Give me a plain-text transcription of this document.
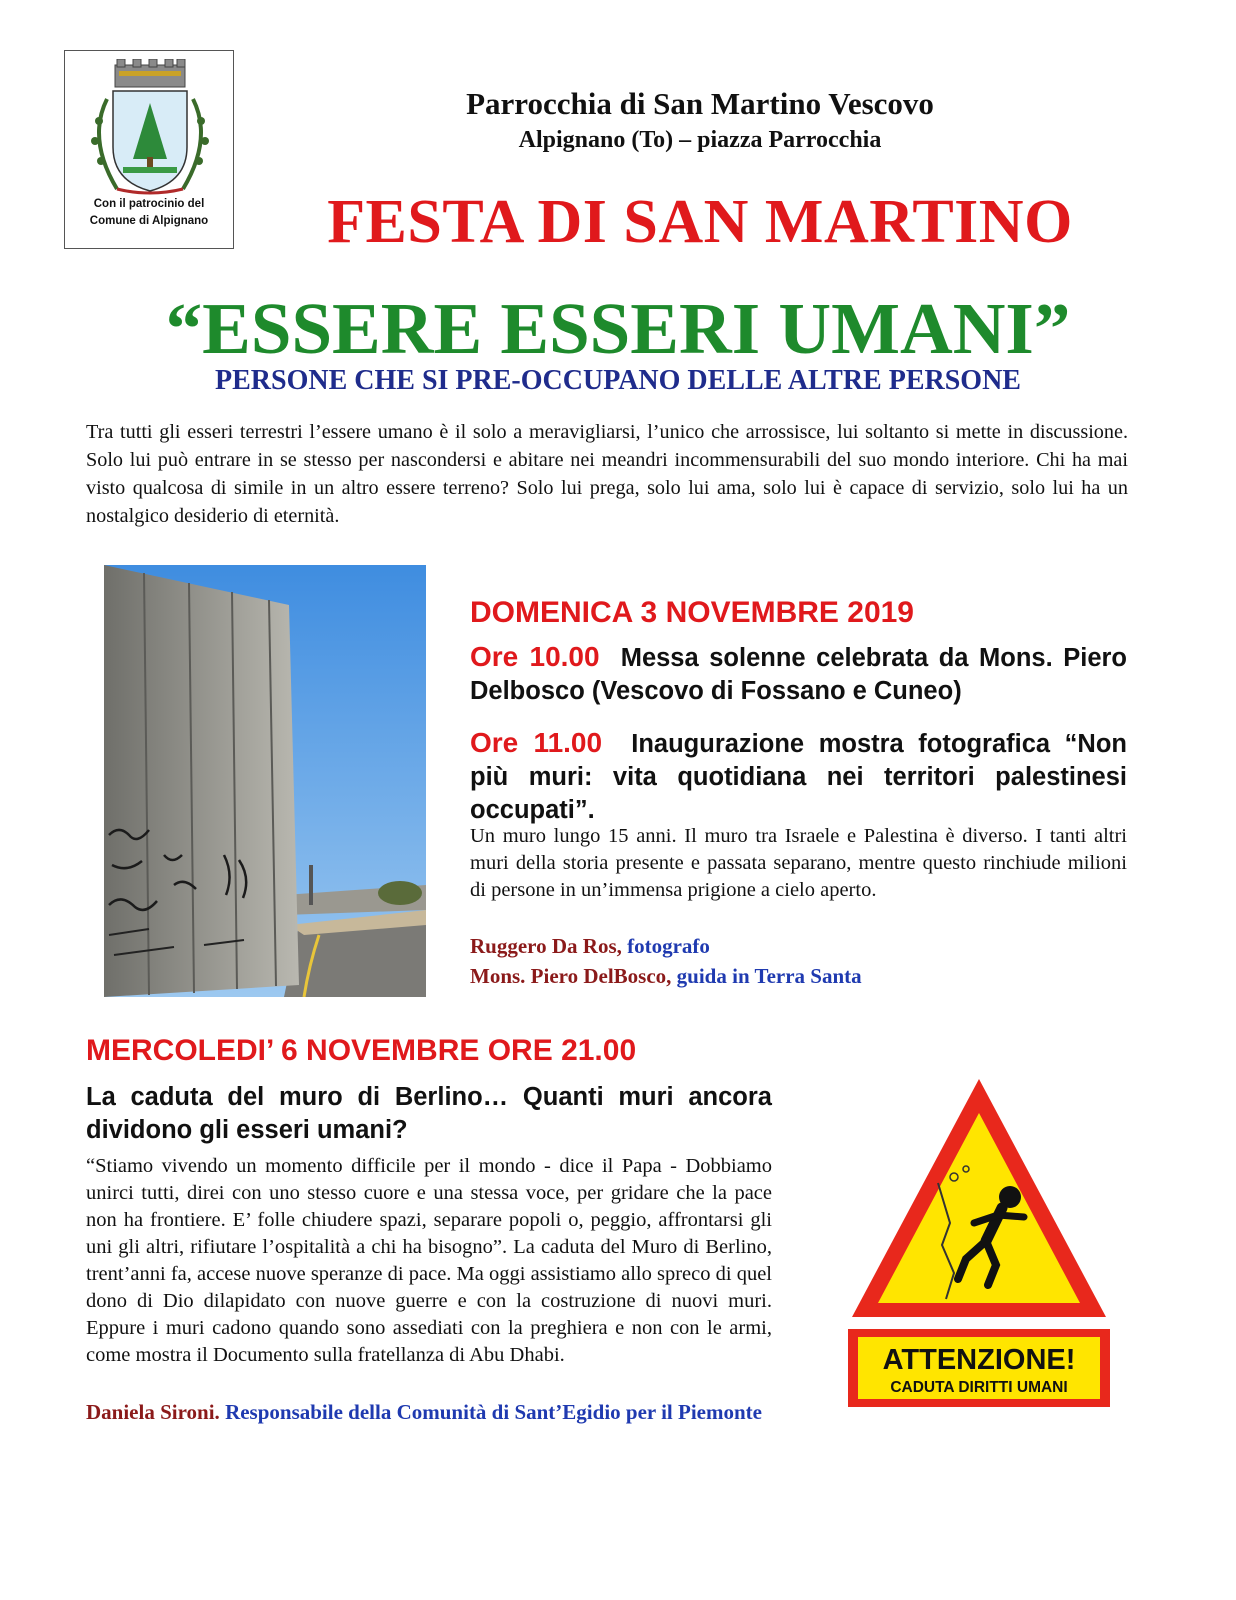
Con il patrocinio del
Comune di Alpignano
Parrocchia di San Martino Vescovo
Alpignano (To) – piazza Parrocchia
FESTA DI SAN MARTINO
“ESSERE ESSERI UMANI”
PERSONE CHE SI PRE-OCCUPANO DELLE ALTRE PERSONE
Tra tutti gli esseri terrestri l’essere umano è il solo a meravigliarsi, l’unico che arrossisce, lui soltanto si mette in discussione. Solo lui può entrare in se stesso per nascondersi e abitare nei meandri incommensurabili del suo mondo interiore. Chi ha mai visto qualcosa di simile in un altro essere terreno? Solo lui prega, solo lui ama, solo lui è capace di servizio, solo lui ha un nostalgico desiderio di eternità.
DOMENICA 3 NOVEMBRE 2019
Ore 10.00 Messa solenne celebrata da Mons. Piero Delbosco (Vescovo di Fossano e Cuneo)
Ore 11.00 Inaugurazione mostra fotografica “Non più muri: vita quotidiana nei territori palestinesi occupati”.
Un muro lungo 15 anni. Il muro tra Israele e Palestina è diverso. I tanti altri muri della storia presente e passata separano, mentre questo rinchiude milioni di persone in un’immensa prigione a cielo aperto.
Ruggero Da Ros, fotografo
Mons. Piero DelBosco, guida in Terra Santa
MERCOLEDI’ 6 NOVEMBRE ORE 21.00
La caduta del muro di Berlino… Quanti muri ancora dividono gli esseri umani?
“Stiamo vivendo un momento difficile per il mondo - dice il Papa - Dobbiamo unirci tutti, direi con uno stesso cuore e una stessa voce, per gridare che la pace non ha frontiere. E’ folle chiudere spazi, separare popoli o, peggio, affrontarsi gli uni gli altri, rifiutare l’ospitalità a chi ha bisogno”. La caduta del Muro di Berlino, trent’anni fa, accese nuove speranze di pace. Ma oggi assistiamo allo spreco di quel dono di Dio dilapidato con nuove guerre e con la costruzione di nuovi muri. Eppure i muri cadono quando sono assediati con la preghiera e non con le armi, come mostra il Documento sulla fratellanza di Abu Dhabi.
Daniela Sironi. Responsabile della Comunità di Sant’Egidio per il Piemonte
ATTENZIONE!
CADUTA DIRITTI UMANI
